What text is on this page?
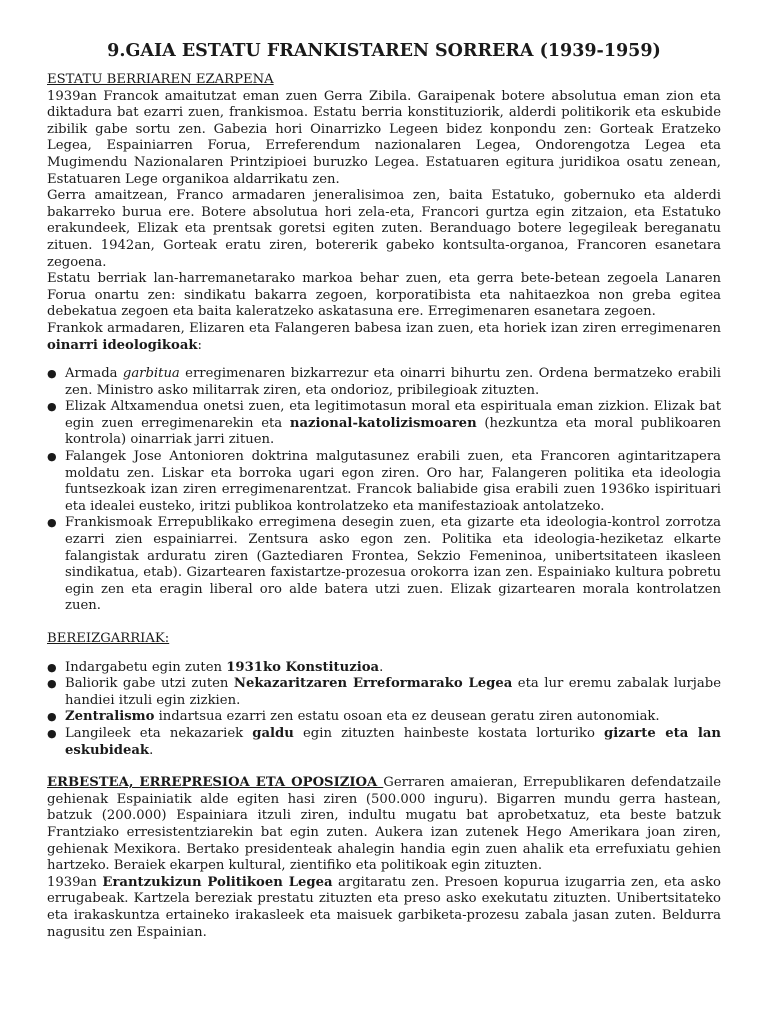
9.GAIA ESTATU FRANKISTAREN SORRERA (1939-1959)
ESTATU BERRIAREN EZARPENA

1939an Francok amaitutzat eman zuen Gerra Zibila. Garaipenak botere absolutua eman zion eta diktadura bat ezarri zuen, frankismoa. Estatu berria konstituziorik, alderdi politikorik eta eskubide zibilik gabe sortu zen. Gabezia hori Oinarrizko Legeen bidez konpondu zen: Gorteak Eratzeko Legea, Espainiarren Forua, Erreferendum nazionalaren Legea, Ondorengotza Legea eta Mugimendu Nazionalaren Printzipioei buruzko Legea. Estatuaren egitura juridikoa osatu zenean, Estatuaren Lege organikoa aldarrikatu zen.

Gerra amaitzean, Franco armadaren jeneralisimoa zen, baita Estatuko, gobernuko eta alderdi bakarreko burua ere. Botere absolutua hori zela-eta, Francori gurtza egin zitzaion, eta Estatuko erakundeek, Elizak eta prentsak goretsi egiten zuten. Beranduago botere legegileak bereganatu zituen. 1942an, Gorteak eratu ziren, botererik gabeko kontsulta-organoa, Francoren esanetara zegoena.

Estatu berriak lan-harremanetarako markoa behar zuen, eta gerra bete-betean zegoela Lanaren Forua onartu zen: sindikatu bakarra zegoen, korporatibista eta nahitaezkoa non greba egitea debekatua zegoen eta baita kaleratzeko askatasuna ere. Erregimenaren esanetara zegoen.

Frankok armadaren, Elizaren eta Falangeren babesa izan zuen, eta horiek izan ziren erregimenaren oinarri ideologikoak:

● Armada garbitua erregimenaren bizkarrezur eta oinarri bihurtu zen. Ordena bermatzeko erabili zen. Ministro asko militarrak ziren, eta ondorioz, pribilegioak zituzten.
● Elizak Altxamendua onetsi zuen, eta legitimotasun moral eta espirituala eman zizkion. Elizak bat egin zuen erregimenarekin eta nazional-katolizismoaren (hezkuntza eta moral publikoaren kontrola) oinarriak jarri zituen.
● Falangek Jose Antonioren doktrina malgutasunez erabili zuen, eta Francoren agintaritzapera moldatu zen. Liskar eta borroka ugari egon ziren. Oro har, Falangeren politika eta ideologia funtsezkoak izan ziren erregimenarentzat. Francok baliabide gisa erabili zuen 1936ko ispirituari eta idealei eusteko, iritzi publikoa kontrolatzeko eta manifestazioak antolatzeko.
● Frankismoak Errepublikako erregimena desegin zuen, eta gizarte eta ideologia-kontrol zorrotza ezarri zien espainiarrei. Zentsura asko egon zen. Politika eta ideologia-heziketaz elkarte falangistak arduratu ziren (Gaztediaren Frontea, Sekzio Femeninoa, unibertsitateen ikasleen sindikatua, etab). Gizartearen faxistartze-prozesua orokorra izan zen. Espainiako kultura pobretu egin zen eta eragin liberal oro alde batera utzi zuen. Elizak gizartearen morala kontrolatzen zuen.
BEREIZGARRIAK:
● Indargabetu egin zuten 1931ko Konstituzioa.
● Baliorik gabe utzi zuten Nekazaritzaren Erreformarako Legea eta lur eremu zabalak lurjabe handiei itzuli egin zizkien.
● Zentralismo indartsua ezarri zen estatu osoan eta ez deusean geratu ziren autonomiak.
● Langileek eta nekazariek galdu egin zituzten hainbeste kostata lorturiko gizarte eta lan eskubideak.

ERBESTEA, ERREPRESIOA ETA OPOSIZIOA Gerraren amaieran, Errepublikaren defendatzaile gehienak Espainiatik alde egiten hasi ziren (500.000 inguru). Bigarren mundu gerra hastean, batzuk (200.000) Espainiara itzuli ziren, indultu mugatu bat aprobetxatuz, eta beste batzuk Frantziako erresistentziarekin bat egin zuten. Aukera izan zutenek Hego Amerikara joan ziren, gehienak Mexikora. Bertako presidenteak ahalegin handia egin zuen ahalik eta errefuxiatu gehien hartzeko. Beraiek ekarpen kultural, zientifiko eta politikoak egin zituzten.

1939an Erantzukizun Politikoen Legea argitaratu zen. Presoen kopurua izugarria zen, eta asko errugabeak. Kartzela bereziak prestatu zituzten eta preso asko exekutatu zituzten. Unibertsitateko eta irakaskuntza ertaineko irakasleek eta maisuek garbiketa-prozesu zabala jasan zuten. Beldurra nagusitu zen Espainian.
